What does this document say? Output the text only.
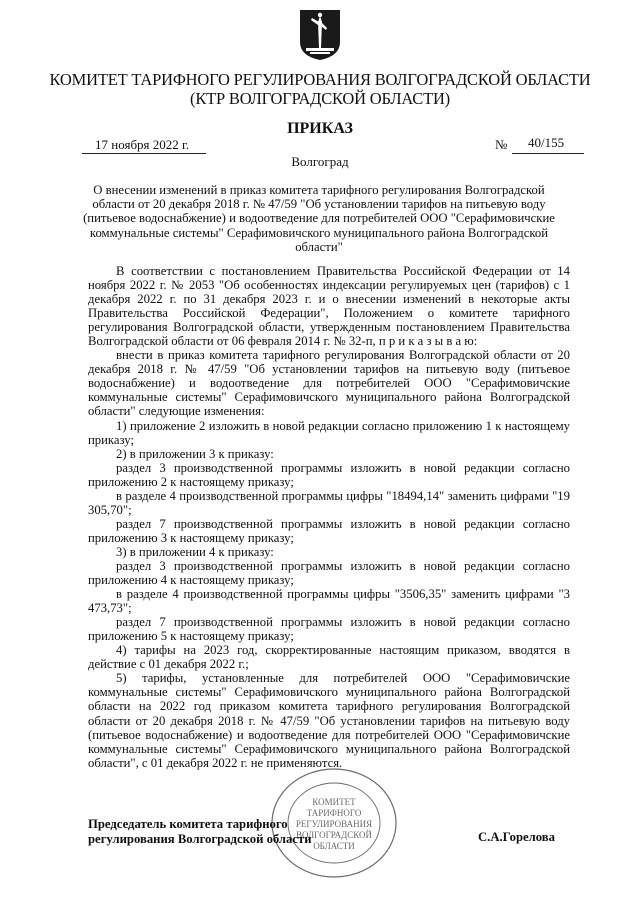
КОМИТЕТ ТАРИФНОГО РЕГУЛИРОВАНИЯ ВОЛГОГРАДСКОЙ ОБЛАСТИ
(КТР ВОЛГОГРАДСКОЙ ОБЛАСТИ)
ПРИКАЗ
17 ноября 2022 г.	№ 40/155
Волгоград
О внесении изменений в приказ комитета тарифного регулирования Волгоградской области от 20 декабря 2018 г. № 47/59 "Об установлении тарифов на питьевую воду (питьевое водоснабжение) и водоотведение для потребителей ООО "Серафимовичские коммунальные системы" Серафимовичского муниципального района Волгоградской области"

В соответствии с постановлением Правительства Российской Федерации от 14 ноября 2022 г. № 2053 "Об особенностях индексации регулируемых цен (тарифов) с 1 декабря 2022 г. по 31 декабря 2023 г. и о внесении изменений в некоторые акты Правительства Российской Федерации", Положением о комитете тарифного регулирования Волгоградской области, утвержденным постановлением Правительства Волгоградской области от 06 февраля 2014 г. № 32-п, п р и к а з ы в а ю:

внести в приказ комитета тарифного регулирования Волгоградской области от 20 декабря 2018 г. № 47/59 "Об установлении тарифов на питьевую воду (питьевое водоснабжение) и водоотведение для потребителей ООО "Серафимовичские коммунальные системы" Серафимовичского муниципального района Волгоградской области" следующие изменения:

1) приложение 2 изложить в новой редакции согласно приложению 1 к настоящему приказу;

2) в приложении 3 к приказу:

раздел 3 производственной программы изложить в новой редакции согласно приложению 2 к настоящему приказу;

в разделе 4 производственной программы цифры "18494,14" заменить цифрами "19 305,70";

раздел 7 производственной программы изложить в новой редакции согласно приложению 3 к настоящему приказу;

3) в приложении 4 к приказу:

раздел 3 производственной программы изложить в новой редакции согласно приложению 4 к настоящему приказу;

в разделе 4 производственной программы цифры "3506,35" заменить цифрами "3 473,73";

раздел 7 производственной программы изложить в новой редакции согласно приложению 5 к настоящему приказу;

4) тарифы на 2023 год, скорректированные настоящим приказом, вводятся в действие с 01 декабря 2022 г.;

5) тарифы, установленные для потребителей ООО "Серафимовичские коммунальные системы" Серафимовичского муниципального района Волгоградской области на 2022 год приказом комитета тарифного регулирования Волгоградской области от 20 декабря 2018 г. № 47/59 "Об установлении тарифов на питьевую воду (питьевое водоснабжение) и водоотведение для потребителей ООО "Серафимовичские коммунальные системы" Серафимовичского муниципального района Волгоградской области", с 01 декабря 2022 г. не применяются.

КОМИТЕТ
ТАРИФНОГО
РЕГУЛИРОВАНИЯ
ВОЛГОГРАДСКОЙ
ОБЛАСТИ
Председатель комитета тарифного
регулирования Волгоградской области	С.А.Горелова
